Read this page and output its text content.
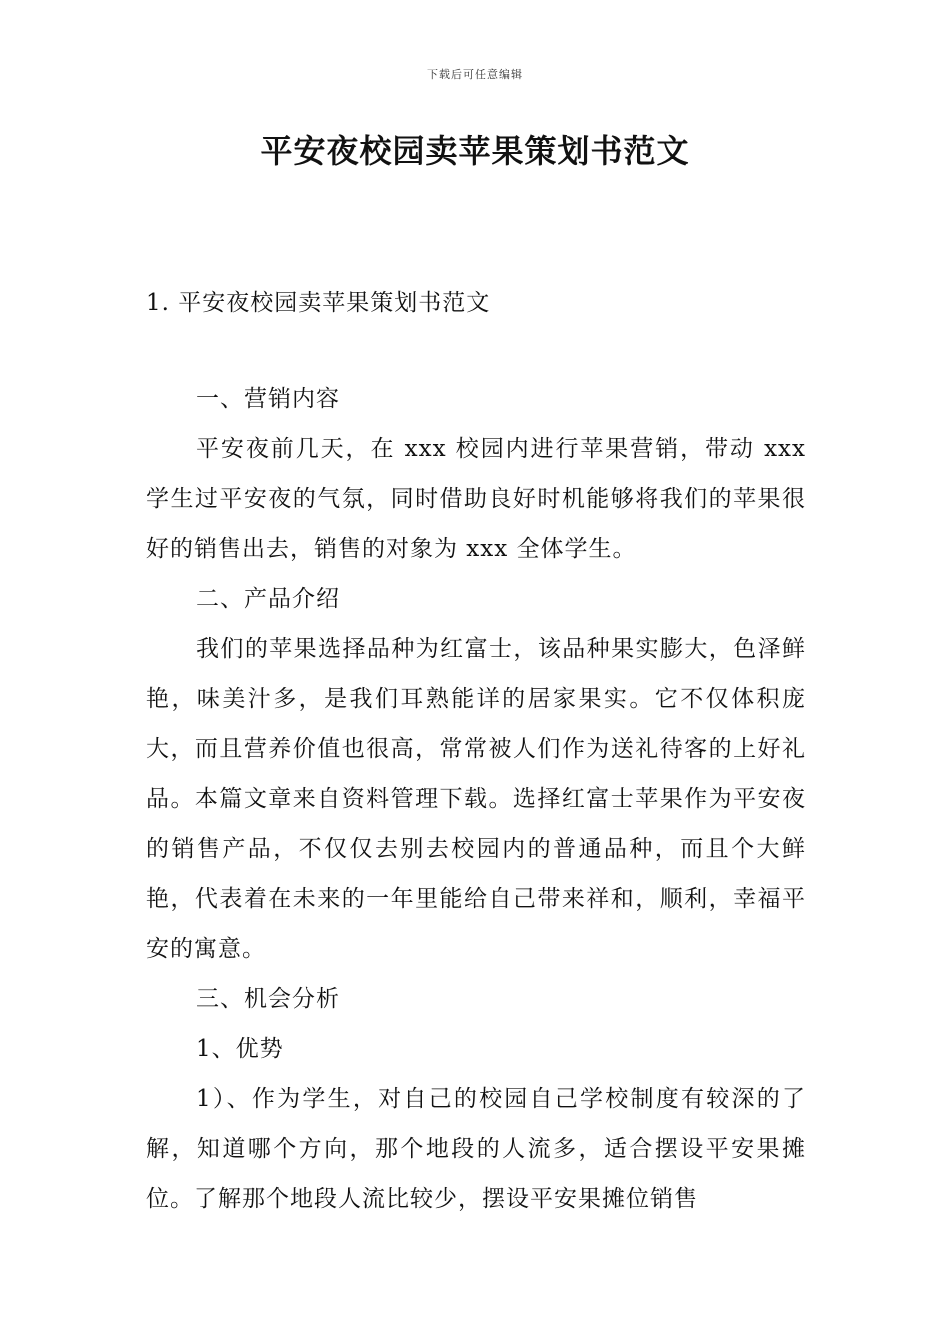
下载后可任意编辑
平安夜校园卖苹果策划书范文
1. 平安夜校园卖苹果策划书范文

一、营销内容

平安夜前几天，在 xxx 校园内进行苹果营销，带动 xxx 学生过平安夜的气氛，同时借助良好时机能够将我们的苹果很好的销售出去，销售的对象为 xxx 全体学生。

二、产品介绍

我们的苹果选择品种为红富士，该品种果实膨大，色泽鲜艳，味美汁多，是我们耳熟能详的居家果实。它不仅体积庞大，而且营养价值也很高，常常被人们作为送礼待客的上好礼品。本篇文章来自资料管理下载。选择红富士苹果作为平安夜的销售产品，不仅仅去别去校园内的普通品种，而且个大鲜艳，代表着在未来的一年里能给自己带来祥和，顺利，幸福平安的寓意。

三、机会分析

1、优势

1）、作为学生，对自己的校园自己学校制度有较深的了解，知道哪个方向，那个地段的人流多，适合摆设平安果摊位。了解那个地段人流比较少，摆设平安果摊位销售
